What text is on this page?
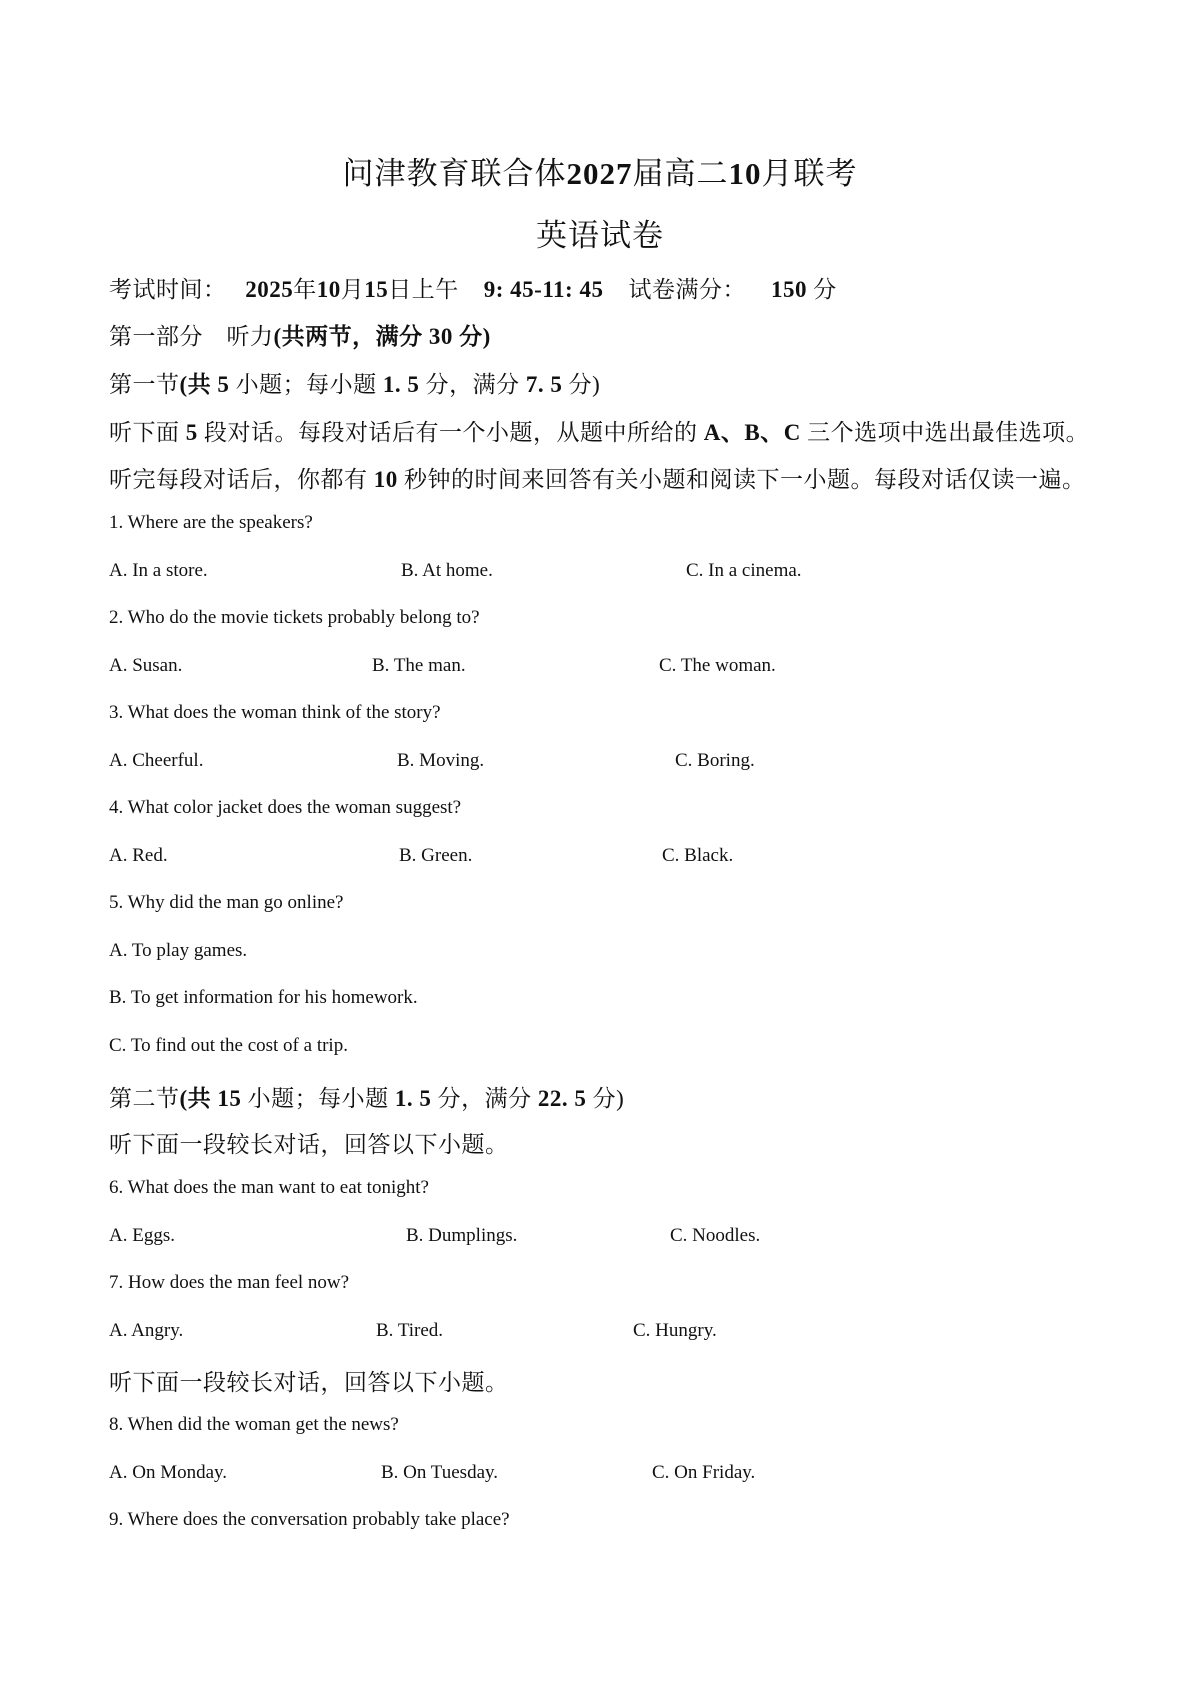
问津教育联合体2027届高二10月联考
英语试卷
考试时间： 2025年10月15日上午 9: 45-11: 45 试卷满分： 150 分
第一部分　听力(共两节，满分 30 分)
第一节(共 5 小题；每小题 1. 5 分，满分 7. 5 分)
听下面 5 段对话。每段对话后有一个小题，从题中所给的 A、B、C 三个选项中选出最佳选项。
听完每段对话后，你都有 10 秒钟的时间来回答有关小题和阅读下一小题。每段对话仅读一遍。
1. Where are the speakers?
A. In a store.	B. At home.	C. In a cinema.
2. Who do the movie tickets probably belong to?
A. Susan.	B. The man.	C. The woman.
3. What does the woman think of the story?
A. Cheerful.	B. Moving.	C. Boring.
4. What color jacket does the woman suggest?
A. Red.	B. Green.	C. Black.
5. Why did the man go online?
A. To play games.
B. To get information for his homework.
C. To find out the cost of a trip.
第二节(共 15 小题；每小题 1. 5 分，满分 22. 5 分)
听下面一段较长对话，回答以下小题。
6. What does the man want to eat tonight?
A. Eggs.	B. Dumplings.	C. Noodles.
7. How does the man feel now?
A. Angry.	B. Tired.	C. Hungry.
听下面一段较长对话，回答以下小题。
8. When did the woman get the news?
A. On Monday.	B. On Tuesday.	C. On Friday.
9. Where does the conversation probably take place?
